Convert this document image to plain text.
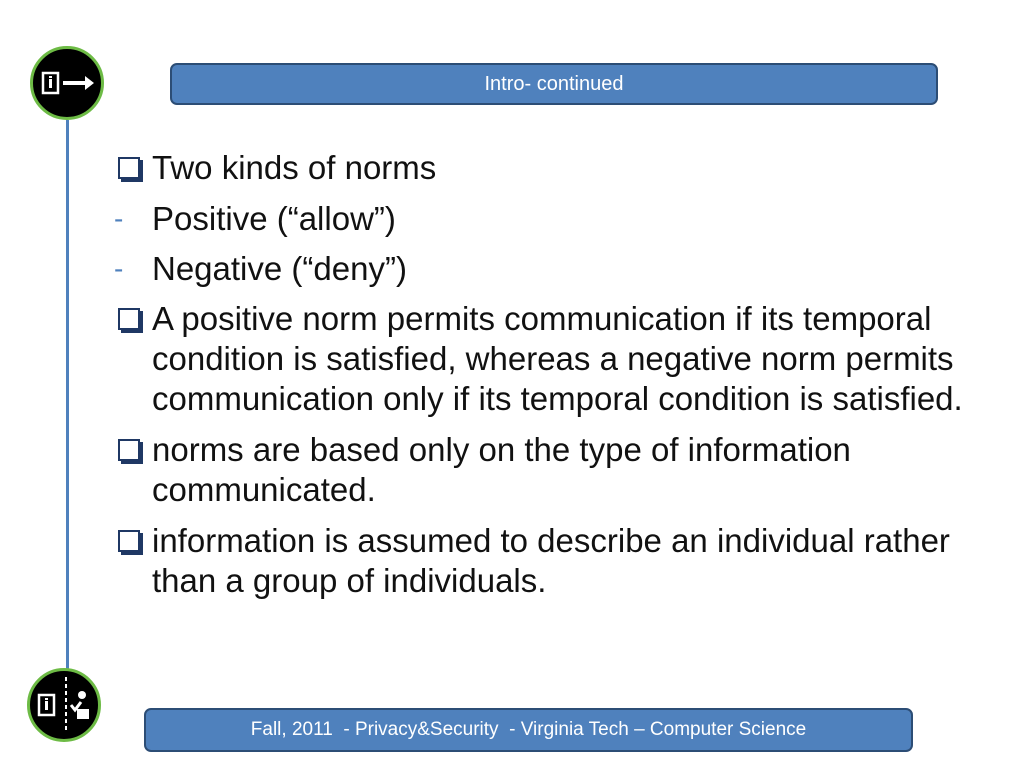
Intro- continued
Two kinds of norms
- Positive (“allow”)
- Negative (“deny”)
A positive norm permits communication if its temporal condition is satisfied, whereas a negative norm permits communication only if its temporal condition is satisfied.
norms are based only on the type of information communicated.
information is assumed to describe an individual rather than a group of individuals.
Fall, 2011  - Privacy&Security  - Virginia Tech – Computer Science
